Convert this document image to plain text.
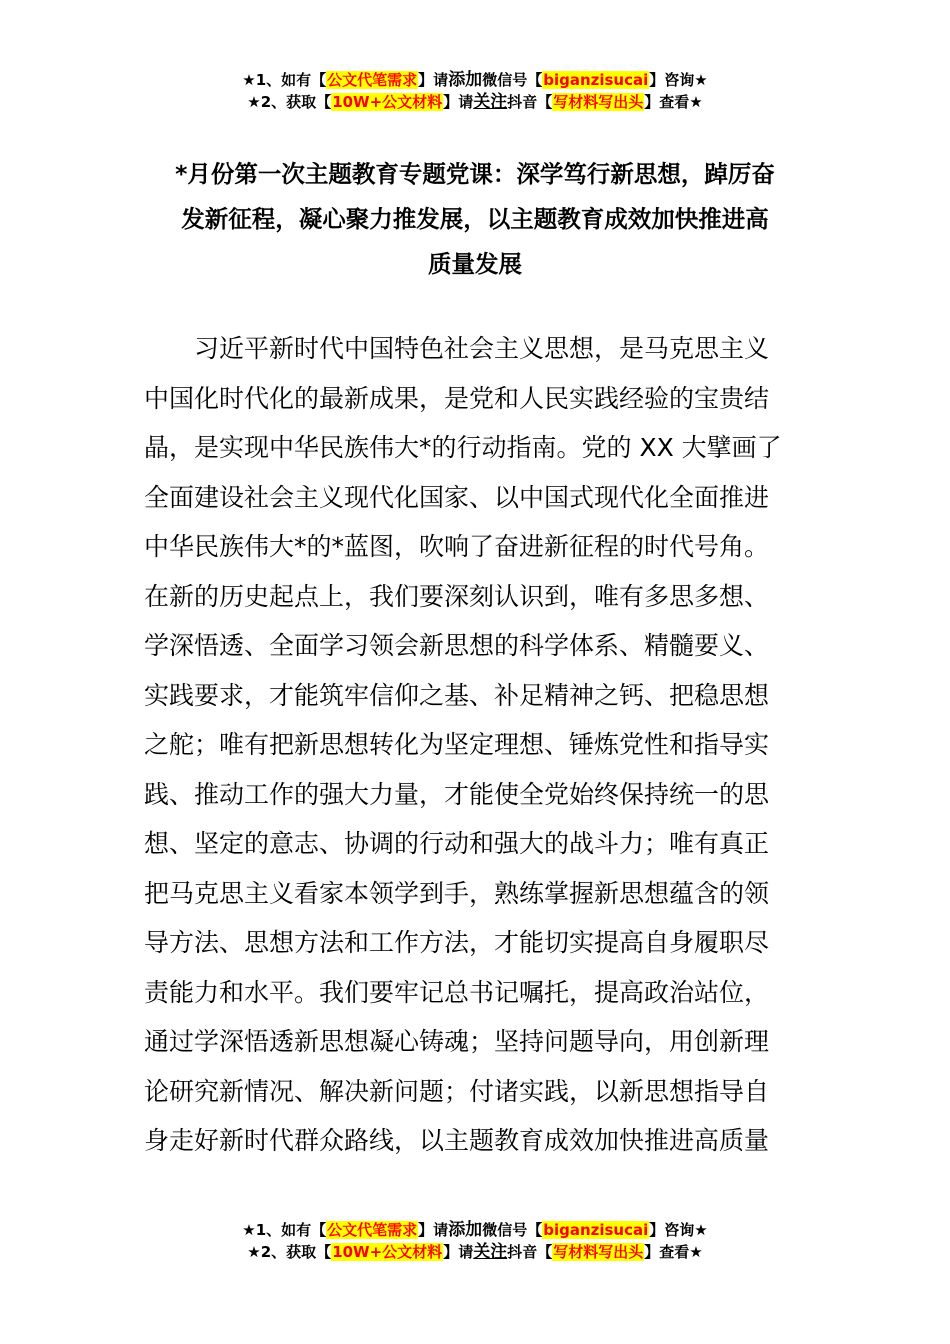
★1、如有【公文代笔需求】请添加微信号【biganzisucai】咨询★
★2、获取【10W+公文材料】请关注抖音【写材料写出头】查看★
*月份第一次主题教育专题党课：深学笃行新思想，踔厉奋
发新征程，凝心聚力推发展，以主题教育成效加快推进高
质量发展
习近平新时代中国特色社会主义思想，是马克思主义
中国化时代化的最新成果，是党和人民实践经验的宝贵结
晶，是实现中华民族伟大*的行动指南。党的 XX 大擘画了
全面建设社会主义现代化国家、以中国式现代化全面推进
中华民族伟大*的*蓝图，吹响了奋进新征程的时代号角。
在新的历史起点上，我们要深刻认识到，唯有多思多想、
学深悟透、全面学习领会新思想的科学体系、精髓要义、
实践要求，才能筑牢信仰之基、补足精神之钙、把稳思想
之舵；唯有把新思想转化为坚定理想、锤炼党性和指导实
践、推动工作的强大力量，才能使全党始终保持统一的思
想、坚定的意志、协调的行动和强大的战斗力；唯有真正
把马克思主义看家本领学到手，熟练掌握新思想蕴含的领
导方法、思想方法和工作方法，才能切实提高自身履职尽
责能力和水平。我们要牢记总书记嘱托，提高政治站位，
通过学深悟透新思想凝心铸魂；坚持问题导向，用创新理
论研究新情况、解决新问题；付诸实践，以新思想指导自
身走好新时代群众路线，以主题教育成效加快推进高质量
★1、如有【公文代笔需求】请添加微信号【biganzisucai】咨询★
★2、获取【10W+公文材料】请关注抖音【写材料写出头】查看★
